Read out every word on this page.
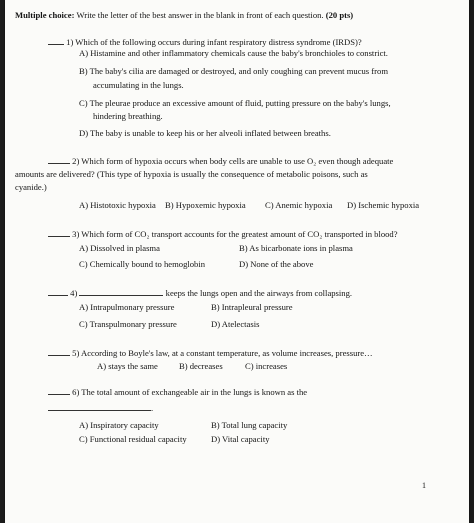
Multiple choice: Write the letter of the best answer in the blank in front of each question. (20 pts)
1) Which of the following occurs during infant respiratory distress syndrome (IRDS)?
A) Histamine and other inflammatory chemicals cause the baby's bronchioles to constrict.
B) The baby's cilia are damaged or destroyed, and only coughing can prevent mucus from
accumulating in the lungs.
C) The pleurae produce an excessive amount of fluid, putting pressure on the baby's lungs,
hindering breathing.
D) The baby is unable to keep his or her alveoli inflated between breaths.
2) Which form of hypoxia occurs when body cells are unable to use O₂ even though adequate
amounts are delivered? (This type of hypoxia is usually the consequence of metabolic poisons, such as
cyanide.)
A) Histotoxic hypoxia B) Hypoxemic hypoxia C) Anemic hypoxia D) Ischemic hypoxia
3) Which form of CO₂ transport accounts for the greatest amount of CO₂ transported in blood?
A) Dissolved in plasma	B) As bicarbonate ions in plasma
C) Chemically bound to hemoglobin	D) None of the above
4)	keeps the lungs open and the airways from collapsing.
A) Intrapulmonary pressure	B) Intrapleural pressure
C) Transpulmonary pressure	D) Atelectasis
5) According to Boyle's law, at a constant temperature, as volume increases, pressure…
A) stays the same B) decreases	C) increases
6) The total amount of exchangeable air in the lungs is known as the
.
A) Inspiratory capacity	B) Total lung capacity
C) Functional residual capacity	D) Vital capacity
1
